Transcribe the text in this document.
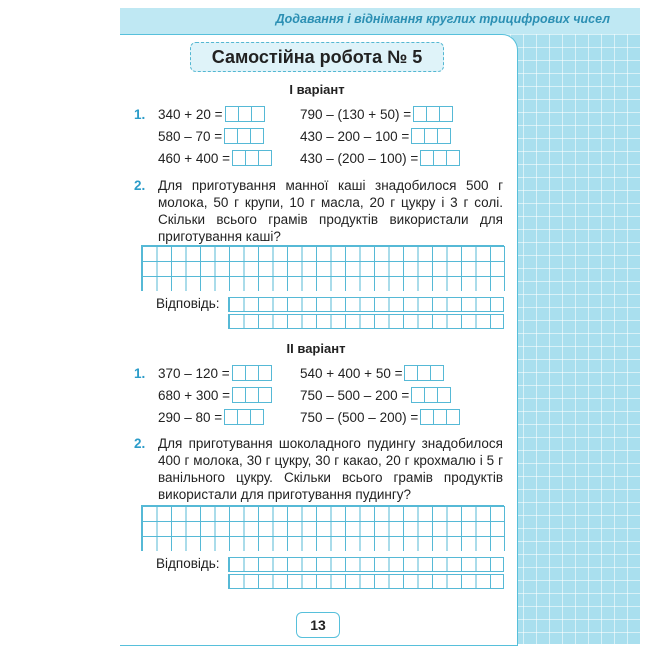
Додавання і віднімання круглих трицифрових чисел
Самостійна робота № 5
І варіант
1. 340 + 20 =
580 – 70 =
460 + 400 =
790 – (130 + 50) =
430 – 200 – 100 =
430 – (200 – 100) =
2. Для приготування манної каші знадобилося 500 г молока, 50 г крупи, 10 г масла, 20 г цукру і 3 г солі. Скільки всього грамів продуктів використали для приготування каші?
Відповідь:
ІІ варіант
1. 370 – 120 =
680 + 300 =
290 – 80 =
540 + 400 + 50 =
750 – 500 – 200 =
750 – (500 – 200) =
2. Для приготування шоколадного пудингу знадобилося 400 г молока, 30 г цукру, 30 г какао, 20 г крохмалю і 5 г ванільного цукру. Скільки всього грамів продуктів використали для приготування пудингу?
Відповідь:
13
